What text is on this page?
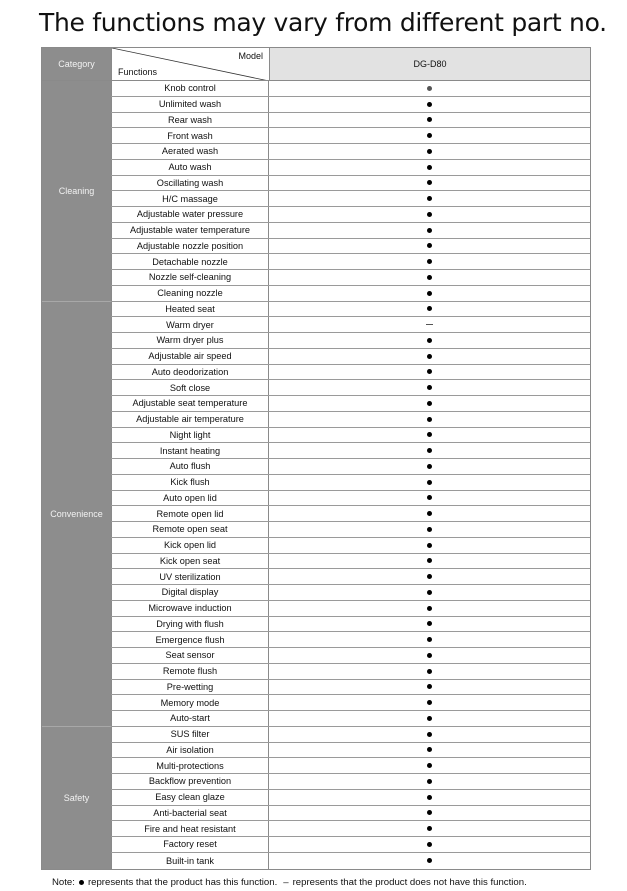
The functions may vary from different part no.
Category
Model
Functions
DG-D80
Cleaning
Convenience
Safety
Knob control
Unlimited wash
Rear wash
Front wash
Aerated wash
Auto wash
Oscillating wash
H/C massage
Adjustable water pressure
Adjustable water temperature
Adjustable nozzle position
Detachable nozzle
Nozzle self-cleaning
Cleaning nozzle
Heated seat
Warm dryer
Warm dryer plus
Adjustable air speed
Auto deodorization
Soft close
Adjustable seat temperature
Adjustable air temperature
Night light
Instant heating
Auto flush
Kick flush
Auto open lid
Remote open lid
Remote open seat
Kick open lid
Kick open seat
UV sterilization
Digital display
Microwave induction
Drying with flush
Emergence flush
Seat sensor
Remote flush
Pre-wetting
Memory mode
Auto-start
SUS filter
Air isolation
Multi-protections
Backflow prevention
Easy clean glaze
Anti-bacterial seat
Fire and heat resistant
Factory reset
Built-in tank
Note: represents that the product has this function. – represents that the product does not have this function.
